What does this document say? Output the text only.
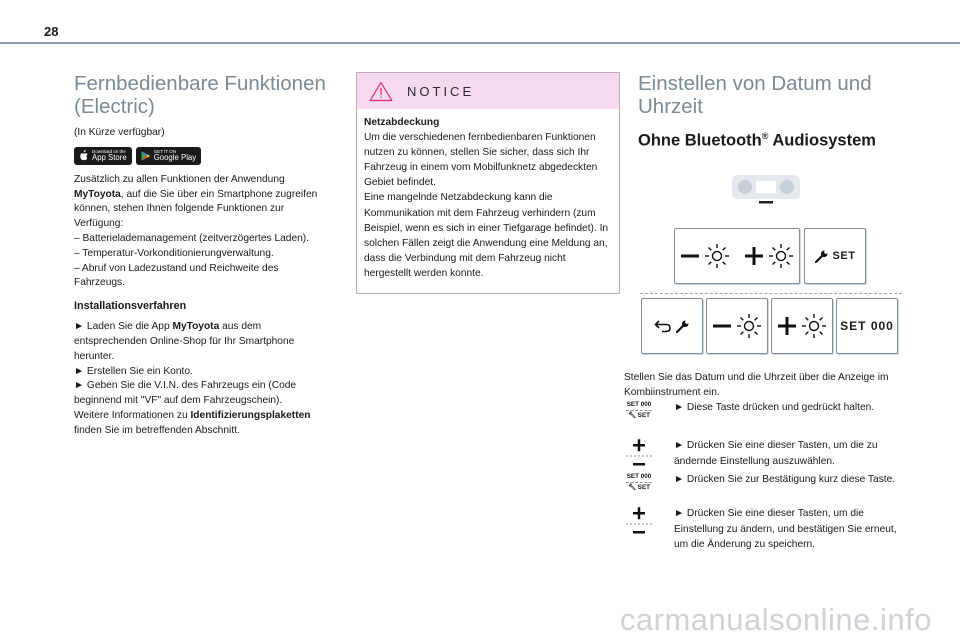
28
Fernbedienbare Funktionen
(Electric)
(In Kürze verfügbar)
Download on the
App Store
GET IT ON
Google Play
Zusätzlich zu allen Funktionen der Anwendung MyToyota, auf die Sie über ein Smartphone zugreifen können, stehen Ihnen folgende Funktionen zur Verfügung:
– Batterielademanagement (zeitverzögertes Laden).
– Temperatur-Vorkonditionierungverwaltung.
– Abruf von Ladezustand und Reichweite des Fahrzeugs.
Installationsverfahren
► Laden Sie die App MyToyota aus dem entsprechenden Online-Shop für Ihr Smartphone herunter.
► Erstellen Sie ein Konto.
► Geben Sie die V.I.N. des Fahrzeugs ein (Code beginnend mit "VF" auf dem Fahrzeugschein).
Weitere Informationen zu Identifizierungsplaketten finden Sie im betreffenden Abschnitt.
NOTICE
Netzabdeckung
Um die verschiedenen fernbedienbaren Funktionen nutzen zu können, stellen Sie sicher, dass sich Ihr Fahrzeug in einem vom Mobilfunknetz abgedeckten Gebiet befindet.
Eine mangelnde Netzabdeckung kann die Kommunikation mit dem Fahrzeug verhindern (zum Beispiel, wenn es sich in einer Tiefgarage befindet). In solchen Fällen zeigt die Anwendung eine Meldung an, dass die Verbindung mit dem Fahrzeug nicht hergestellt werden konnte.
Einstellen von Datum und
Uhrzeit
Ohne Bluetooth® Audiosystem
SET
SET 000
Stellen Sie das Datum und die Uhrzeit über die Anzeige im Kombiinstrument ein.
SET 000
🔧︎ SET
► Diese Taste drücken und gedrückt halten.
► Drücken Sie eine dieser Tasten, um die zu ändernde Einstellung auszuwählen.
SET 000
🔧︎ SET
► Drücken Sie zur Bestätigung kurz diese Taste.
► Drücken Sie eine dieser Tasten, um die Einstellung zu ändern, und bestätigen Sie erneut, um die Änderung zu speichern.
carmanualsonline.info
